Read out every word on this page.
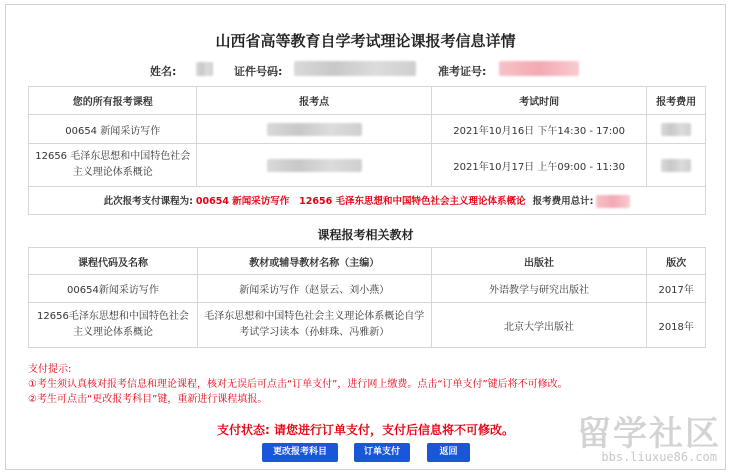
山西省高等教育自学考试理论课报考信息详情
姓名:	证件号码:	准考证号:
您的所有报考课程	报考点	考试时间	报考费用
00654 新闻采访写作		2021年10月16日 下午14:30 - 17:00	
12656 毛泽东思想和中国特色社会主义理论体系概论		2021年10月17日 上午09:00 - 11:30	
此次报考支付课程为: 00654 新闻采访写作   12656 毛泽东思想和中国特色社会主义理论体系概论 报考费用总计:			
课程报考相关教材
课程代码及名称	教材或辅导教材名称（主编）	出版社	版次
00654新闻采访写作	新闻采访写作（赵景云、刘小燕）	外语教学与研究出版社	2017年
12656毛泽东思想和中国特色社会主义理论体系概论	毛泽东思想和中国特色社会主义理论体系概论自学考试学习读本（孙蚌珠、冯雅新）	北京大学出版社	2018年
支付提示:
①考生须认真核对报考信息和理论课程，核对无误后可点击“订单支付”，进行网上缴费。点击“订单支付”键后将不可修改。
②考生可点击“更改报考科目”键，重新进行课程填报。
支付状态: 请您进行订单支付，支付后信息将不可修改。
更改报考科目	订单支付	返回	留学社区
bbs.liuxue86.com
